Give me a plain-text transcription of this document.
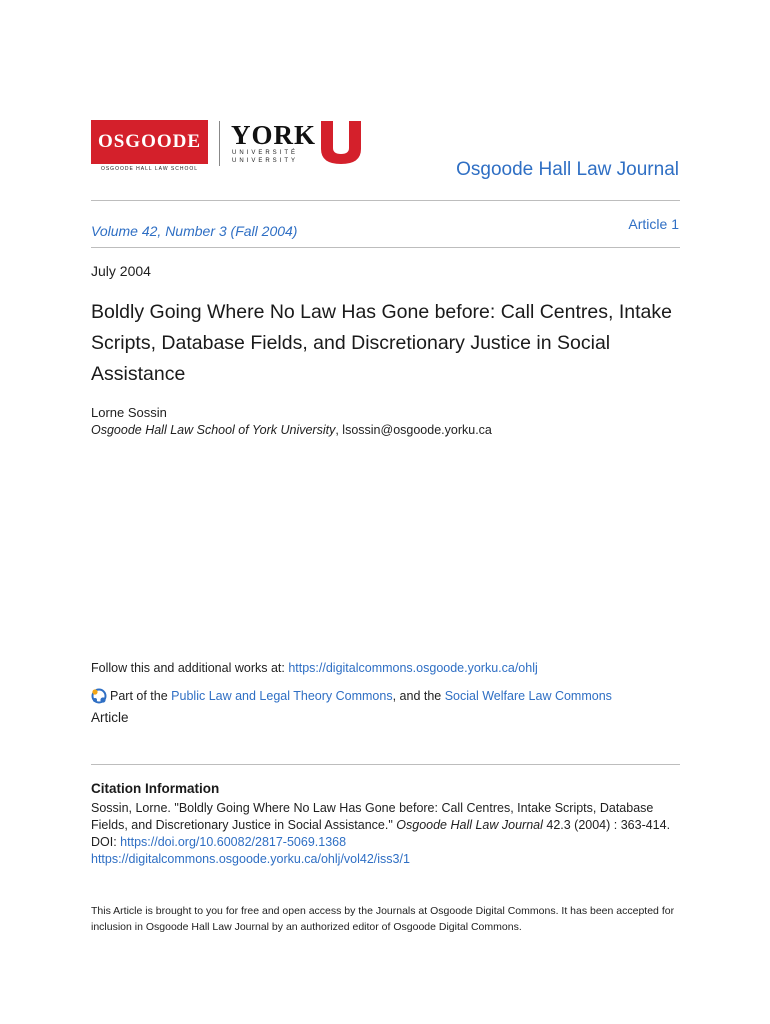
OSGOODE
OSGOODE HALL LAW SCHOOL
YORK
UNIVERSITÉ
UNIVERSITY	Osgoode Hall Law Journal
Volume 42, Number 3 (Fall 2004)	Article 1
July 2004
Boldly Going Where No Law Has Gone before: Call Centres, Intake Scripts, Database Fields, and Discretionary Justice in Social Assistance
Lorne Sossin
Osgoode Hall Law School of York University, lsossin@osgoode.yorku.ca
Follow this and additional works at: https://digitalcommons.osgoode.yorku.ca/ohlj
Part of the
Public Law and Legal Theory Commons , and the Social Welfare Law Commons
Article
Citation Information
Sossin, Lorne. "Boldly Going Where No Law Has Gone before: Call Centres, Intake Scripts, Database Fields, and Discretionary Justice in Social Assistance." Osgoode Hall Law Journal 42.3 (2004) : 363-414.
DOI: https://doi.org/10.60082/2817-5069.1368
https://digitalcommons.osgoode.yorku.ca/ohlj/vol42/iss3/1
This Article is brought to you for free and open access by the Journals at Osgoode Digital Commons. It has been accepted for inclusion in Osgoode Hall Law Journal by an authorized editor of Osgoode Digital Commons.
